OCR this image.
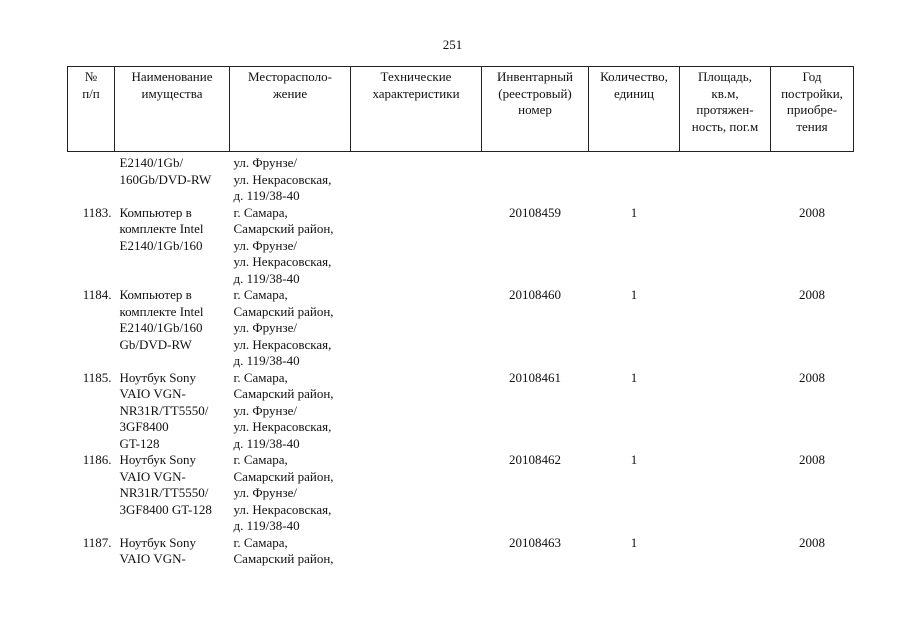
251
№
п/п	Наименование
имущества	Месторасполо-
жение	Технические
характеристики	Инвентарный
(реестровый)
номер	Количество,
единиц	Площадь,
кв.м,
протяжен-
ность, пог.м	Год
постройки,
приобре-
тения

	E2140/1Gb/
160Gb/DVD-RW	ул. Фрунзе/
ул. Некрасовская,
д. 119/38-40					

1183.	Компьютер в
комплекте Intel
E2140/1Gb/160	г. Самара,
Самарский район,
ул. Фрунзе/
ул. Некрасовская,
д. 119/38-40		20108459	1		2008
1184.	Компьютер в
комплекте Intel
E2140/1Gb/160
Gb/DVD-RW	г. Самара,
Самарский район,
ул. Фрунзе/
ул. Некрасовская,
д. 119/38-40		20108460	1		2008
1185.	Ноутбук Sony
VAIO VGN-
NR31R/TT5550/
3GF8400
GT-128	г. Самара,
Самарский район,
ул. Фрунзе/
ул. Некрасовская,
д. 119/38-40		20108461	1		2008
1186.	Ноутбук Sony
VAIO VGN-
NR31R/TT5550/
3GF8400 GT-128	г. Самара,
Самарский район,
ул. Фрунзе/
ул. Некрасовская,
д. 119/38-40		20108462	1		2008
1187.	Ноутбук Sony
VAIO VGN-	г. Самара,
Самарский район,		20108463	1		2008
